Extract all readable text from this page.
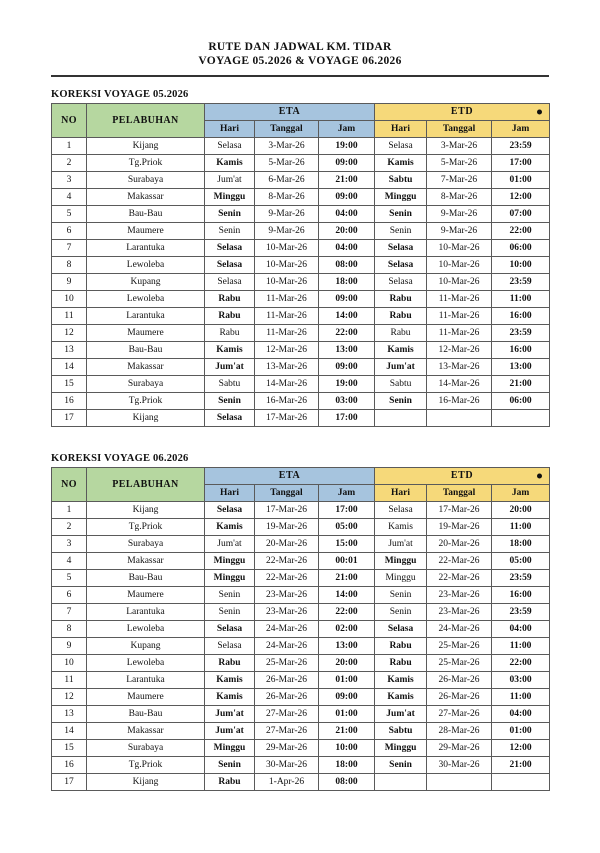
RUTE DAN JADWAL KM. TIDAR
VOYAGE 05.2026 & VOYAGE 06.2026
KOREKSI VOYAGE 05.2026
NO	PELABUHAN	ETA			ETD		

		Hari	Tanggal	Jam	Hari	Tanggal	Jam
1	Kijang	Selasa	3-Mar-26	19:00	Selasa	3-Mar-26	23:59
2	Tg.Priok	Kamis	5-Mar-26	09:00	Kamis	5-Mar-26	17:00
3	Surabaya	Jum'at	6-Mar-26	21:00	Sabtu	7-Mar-26	01:00
4	Makassar	Minggu	8-Mar-26	09:00	Minggu	8-Mar-26	12:00
5	Bau-Bau	Senin	9-Mar-26	04:00	Senin	9-Mar-26	07:00
6	Maumere	Senin	9-Mar-26	20:00	Senin	9-Mar-26	22:00
7	Larantuka	Selasa	10-Mar-26	04:00	Selasa	10-Mar-26	06:00
8	Lewoleba	Selasa	10-Mar-26	08:00	Selasa	10-Mar-26	10:00
9	Kupang	Selasa	10-Mar-26	18:00	Selasa	10-Mar-26	23:59
10	Lewoleba	Rabu	11-Mar-26	09:00	Rabu	11-Mar-26	11:00
11	Larantuka	Rabu	11-Mar-26	14:00	Rabu	11-Mar-26	16:00
12	Maumere	Rabu	11-Mar-26	22:00	Rabu	11-Mar-26	23:59
13	Bau-Bau	Kamis	12-Mar-26	13:00	Kamis	12-Mar-26	16:00
14	Makassar	Jum'at	13-Mar-26	09:00	Jum'at	13-Mar-26	13:00
15	Surabaya	Sabtu	14-Mar-26	19:00	Sabtu	14-Mar-26	21:00
16	Tg.Priok	Senin	16-Mar-26	03:00	Senin	16-Mar-26	06:00
17	Kijang	Selasa	17-Mar-26	17:00			
KOREKSI VOYAGE 06.2026
NO	PELABUHAN	ETA			ETD		

		Hari	Tanggal	Jam	Hari	Tanggal	Jam
1	Kijang	Selasa	17-Mar-26	17:00	Selasa	17-Mar-26	20:00
2	Tg.Priok	Kamis	19-Mar-26	05:00	Kamis	19-Mar-26	11:00
3	Surabaya	Jum'at	20-Mar-26	15:00	Jum'at	20-Mar-26	18:00
4	Makassar	Minggu	22-Mar-26	00:01	Minggu	22-Mar-26	05:00
5	Bau-Bau	Minggu	22-Mar-26	21:00	Minggu	22-Mar-26	23:59
6	Maumere	Senin	23-Mar-26	14:00	Senin	23-Mar-26	16:00
7	Larantuka	Senin	23-Mar-26	22:00	Senin	23-Mar-26	23:59
8	Lewoleba	Selasa	24-Mar-26	02:00	Selasa	24-Mar-26	04:00
9	Kupang	Selasa	24-Mar-26	13:00	Rabu	25-Mar-26	11:00
10	Lewoleba	Rabu	25-Mar-26	20:00	Rabu	25-Mar-26	22:00
11	Larantuka	Kamis	26-Mar-26	01:00	Kamis	26-Mar-26	03:00
12	Maumere	Kamis	26-Mar-26	09:00	Kamis	26-Mar-26	11:00
13	Bau-Bau	Jum'at	27-Mar-26	01:00	Jum'at	27-Mar-26	04:00
14	Makassar	Jum'at	27-Mar-26	21:00	Sabtu	28-Mar-26	01:00
15	Surabaya	Minggu	29-Mar-26	10:00	Minggu	29-Mar-26	12:00
16	Tg.Priok	Senin	30-Mar-26	18:00	Senin	30-Mar-26	21:00
17	Kijang	Rabu	1-Apr-26	08:00			
